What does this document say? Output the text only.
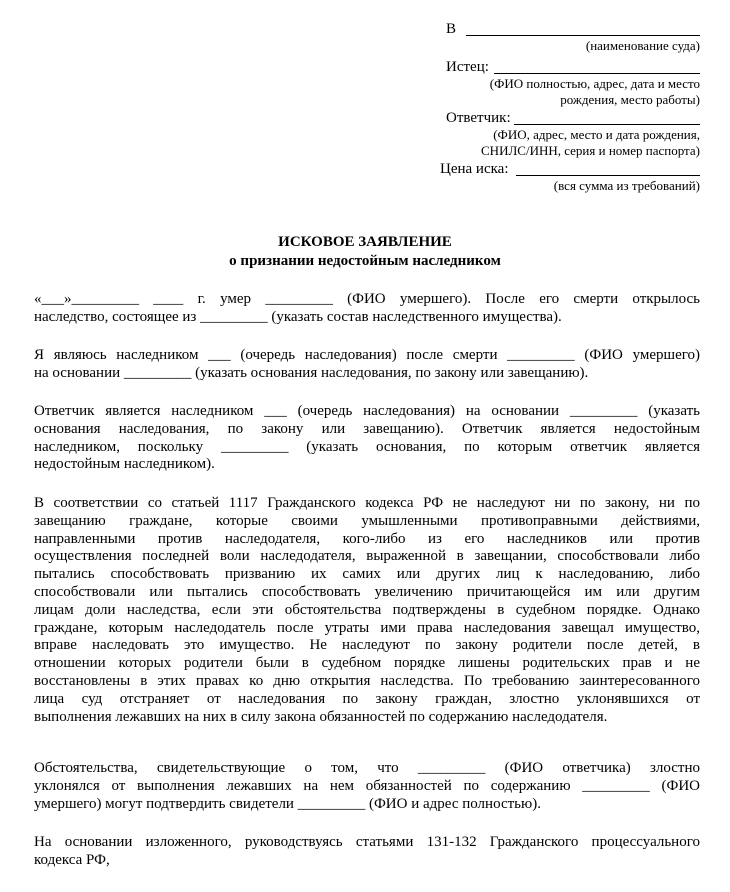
В
(наименование суда)
Истец:
(ФИО полностью, адрес, дата и место
рождения, место работы)
Ответчик:
(ФИО, адрес, место и дата рождения,
СНИЛС/ИНН, серия и номер паспорта)
Цена иска:
(вся сумма из требований)
ИСКОВОЕ ЗАЯВЛЕНИЕ
о признании недостойным наследником
«___»_________ ____ г. умер _________ (ФИО умершего). После его смерти открылось
наследство, состоящее из _________ (указать состав наследственного имущества).
Я являюсь наследником ___ (очередь наследования) после смерти _________ (ФИО умершего)
на основании _________ (указать основания наследования, по закону или завещанию).
Ответчик является наследником ___ (очередь наследования) на основании _________ (указать
основания наследования, по закону или завещанию). Ответчик является недостойным
наследником, поскольку _________ (указать основания, по которым ответчик является
недостойным наследником).
В соответствии со статьей 1117 Гражданского кодекса РФ не наследуют ни по закону, ни по
завещанию граждане, которые своими умышленными противоправными действиями,
направленными против наследодателя, кого-либо из его наследников или против
осуществления последней воли наследодателя, выраженной в завещании, способствовали либо
пытались способствовать призванию их самих или других лиц к наследованию, либо
способствовали или пытались способствовать увеличению причитающейся им или другим
лицам доли наследства, если эти обстоятельства подтверждены в судебном порядке. Однако
граждане, которым наследодатель после утраты ими права наследования завещал имущество,
вправе наследовать это имущество. Не наследуют по закону родители после детей, в
отношении которых родители были в судебном порядке лишены родительских прав и не
восстановлены в этих правах ко дню открытия наследства. По требованию заинтересованного
лица суд отстраняет от наследования по закону граждан, злостно уклонявшихся от
выполнения лежавших на них в силу закона обязанностей по содержанию наследодателя.
Обстоятельства, свидетельствующие о том, что _________ (ФИО ответчика) злостно
уклонялся от выполнения лежавших на нем обязанностей по содержанию _________ (ФИО
умершего) могут подтвердить свидетели _________ (ФИО и адрес полностью).
На основании изложенного, руководствуясь статьями 131-132 Гражданского процессуального
кодекса РФ,
